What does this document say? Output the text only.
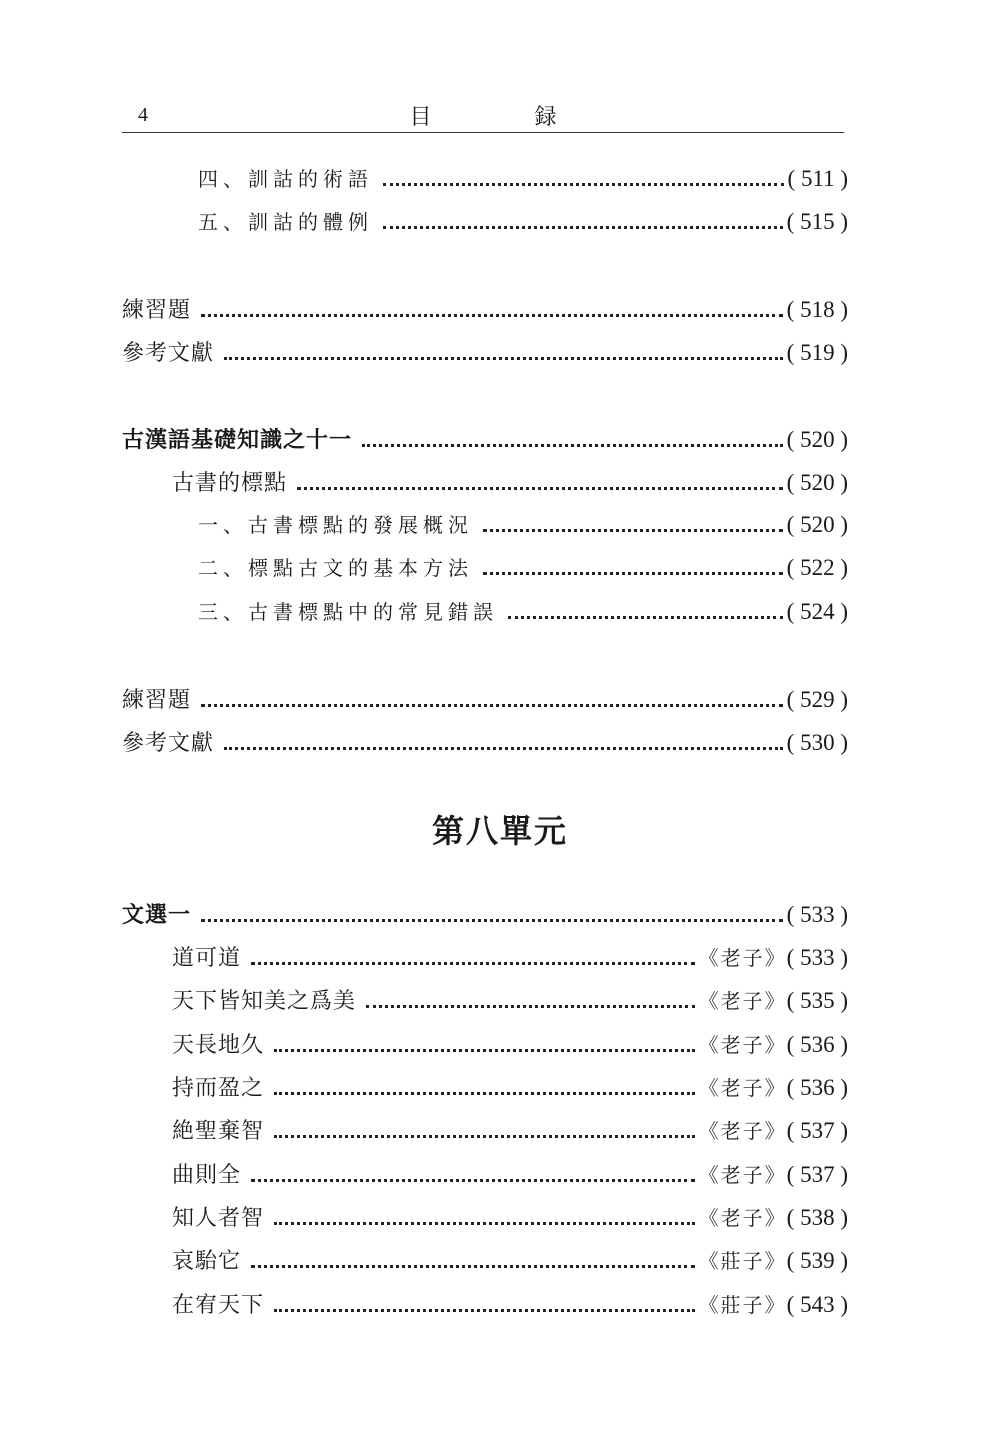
4	目 録
四、訓詁的術語	( 511 )
五、訓詁的體例	( 515 )
練習題	( 518 )
參考文獻	( 519 )
古漢語基礎知識之十一	( 520 )
古書的標點	( 520 )
一、古書標點的發展概況	( 520 )
二、標點古文的基本方法	( 522 )
三、古書標點中的常見錯誤	( 524 )
練習題	( 529 )
參考文獻	( 530 )
第八單元
文選一	( 533 )
道可道	《老子》 ( 533 )
天下皆知美之爲美	《老子》 ( 535 )
天長地久	《老子》 ( 536 )
持而盈之	《老子》 ( 536 )
絶聖棄智	《老子》 ( 537 )
曲則全	《老子》 ( 537 )
知人者智	《老子》 ( 538 )
哀駘它	《莊子》 ( 539 )
在宥天下	《莊子》 ( 543 )
